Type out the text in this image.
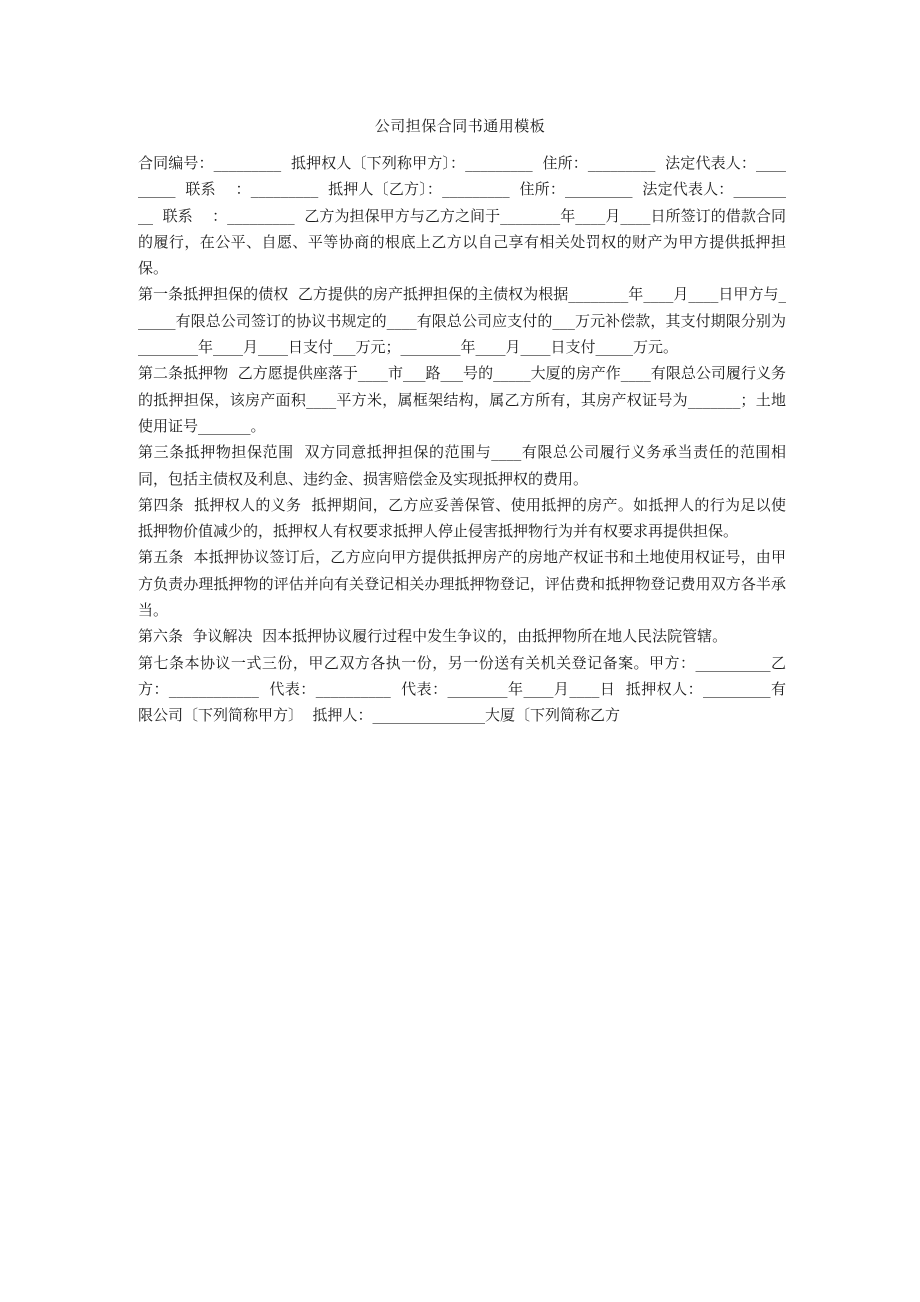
公司担保合同书通用模板

合同编号：_________  抵押权人〔下列称甲方〕：_________  住所：_________  法定代表人：_________  联系    ：_________  抵押人〔乙方〕：_________  住所：_________  法定代表人：_________  联系    ：_________  乙方为担保甲方与乙方之间于________年____月____日所签订的借款合同的履行，在公平、自愿、平等协商的根底上乙方以自己享有相关处罚权的财产为甲方提供抵押担保。

第一条抵押担保的债权  乙方提供的房产抵押担保的主债权为根据________年____月____日甲方与______有限总公司签订的协议书规定的____有限总公司应支付的___万元补偿款，其支付期限分别为________年____月____日支付___万元；________年____月____日支付_____万元。

第二条抵押物  乙方愿提供座落于____市___路___号的_____大厦的房产作____有限总公司履行义务的抵押担保，该房产面积____平方米，属框架结构，属乙方所有，其房产权证号为_______；土地使用证号_______。

第三条抵押物担保范围  双方同意抵押担保的范围与____有限总公司履行义务承当责任的范围相同，包括主债权及利息、违约金、损害赔偿金及实现抵押权的费用。

第四条  抵押权人的义务  抵押期间，乙方应妥善保管、使用抵押的房产。如抵押人的行为足以使抵押物价值减少的，抵押权人有权要求抵押人停止侵害抵押物行为并有权要求再提供担保。

第五条  本抵押协议签订后，乙方应向甲方提供抵押房产的房地产权证书和土地使用权证号，由甲方负责办理抵押物的评估并向有关登记相关办理抵押物登记，评估费和抵押物登记费用双方各半承当。

第六条  争议解决  因本抵押协议履行过程中发生争议的，由抵押物所在地人民法院管辖。

第七条本协议一式三份，甲乙双方各执一份，另一份送有关机关登记备案。甲方：__________乙方：____________  代表：__________  代表：________年____月____日  抵押权人：_________有限公司〔下列简称甲方〕  抵押人：_______________大厦〔下列简称乙方
